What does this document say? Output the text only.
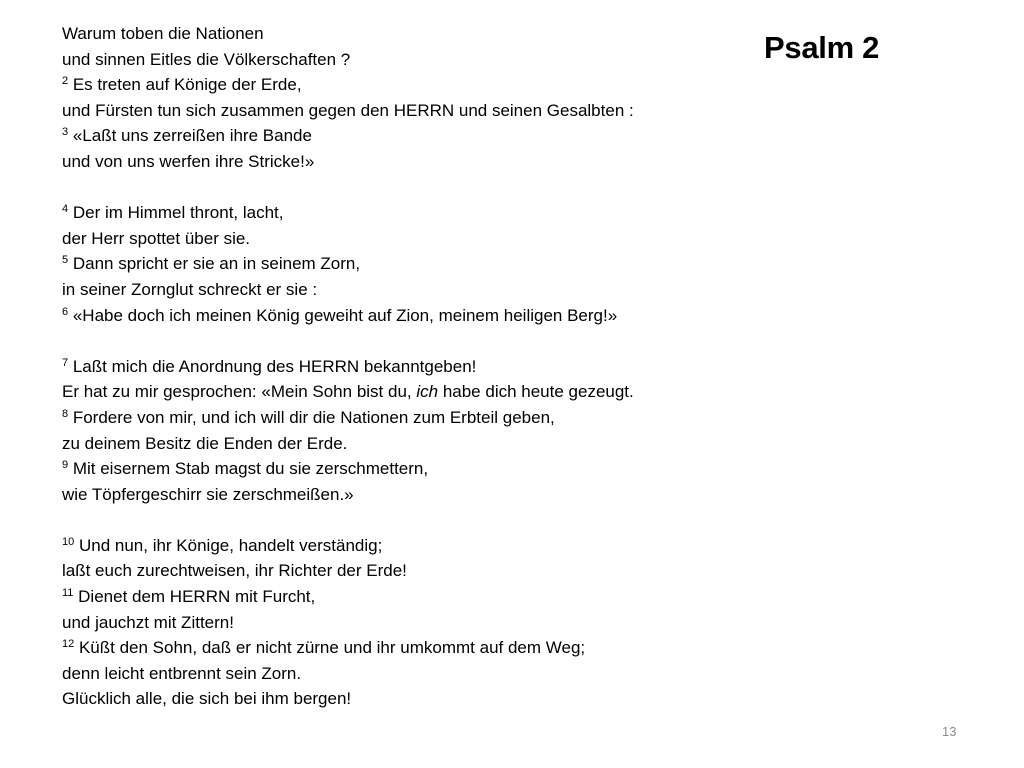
Psalm 2
Warum toben die Nationen
und sinnen Eitles die Völkerschaften ?
$^2$ Es treten auf Könige der Erde,
und Fürsten tun sich zusammen gegen den HERRN und seinen Gesalbten :
$^3$ «Laßt uns zerreißen ihre Bande
und von uns werfen ihre Stricke!»
$^4$ Der im Himmel thront, lacht,
der Herr spottet über sie.
$^5$ Dann spricht er sie an in seinem Zorn,
in seiner Zornglut schreckt er sie :
$^6$ «Habe doch ich meinen König geweiht auf Zion, meinem heiligen Berg!»
$^7$ Laßt mich die Anordnung des HERRN bekanntgeben!
Er hat zu mir gesprochen: «Mein Sohn bist du, ich habe dich heute gezeugt.
$^8$ Fordere von mir, und ich will dir die Nationen zum Erbteil geben,
zu deinem Besitz die Enden der Erde.
$^9$ Mit eisernem Stab magst du sie zerschmettern,
wie Töpfergeschirr sie zerschmeißen.»
$^{10}$ Und nun, ihr Könige, handelt verständig;
laßt euch zurechtweisen, ihr Richter der Erde!
$^{11}$ Dienet dem HERRN mit Furcht,
und jauchzt mit Zittern!
$^{12}$ Küßt den Sohn, daß er nicht zürne und ihr umkommt auf dem Weg;
denn leicht entbrennt sein Zorn.
Glücklich alle, die sich bei ihm bergen!
13
